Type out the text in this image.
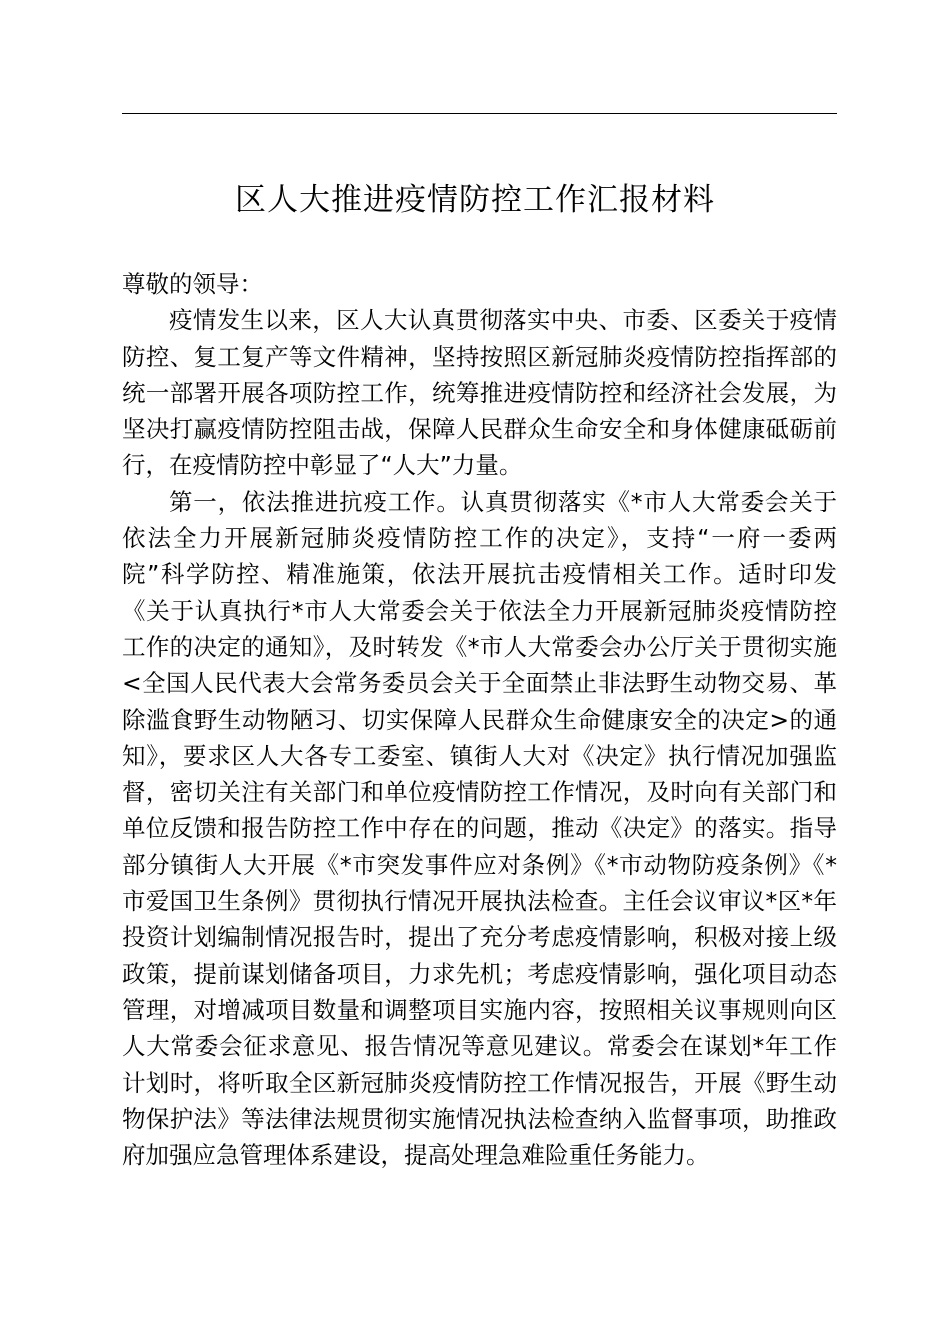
区人大推进疫情防控工作汇报材料

尊敬的领导：

疫情发生以来，区人大认真贯彻落实中央、市委、区委关于疫情防控、复工复产等文件精神，坚持按照区新冠肺炎疫情防控指挥部的统一部署开展各项防控工作，统筹推进疫情防控和经济社会发展，为坚决打赢疫情防控阻击战，保障人民群众生命安全和身体健康砥砺前行，在疫情防控中彰显了“人大”力量。

第一，依法推进抗疫工作。认真贯彻落实《*市人大常委会关于依法全力开展新冠肺炎疫情防控工作的决定》，支持“一府一委两院”科学防控、精准施策，依法开展抗击疫情相关工作。适时印发《关于认真执行*市人大常委会关于依法全力开展新冠肺炎疫情防控工作的决定的通知》，及时转发《*市人大常委会办公厅关于贯彻实施<全国人民代表大会常务委员会关于全面禁止非法野生动物交易、革除滥食野生动物陋习、切实保障人民群众生命健康安全的决定>的通知》，要求区人大各专工委室、镇街人大对《决定》执行情况加强监督，密切关注有关部门和单位疫情防控工作情况，及时向有关部门和单位反馈和报告防控工作中存在的问题，推动《决定》的落实。指导部分镇街人大开展《*市突发事件应对条例》《*市动物防疫条例》《*市爱国卫生条例》贯彻执行情况开展执法检查。主任会议审议*区*年投资计划编制情况报告时，提出了充分考虑疫情影响，积极对接上级政策，提前谋划储备项目，力求先机；考虑疫情影响，强化项目动态管理，对增减项目数量和调整项目实施内容，按照相关议事规则向区人大常委会征求意见、报告情况等意见建议。常委会在谋划*年工作计划时，将听取全区新冠肺炎疫情防控工作情况报告，开展《野生动物保护法》等法律法规贯彻实施情况执法检查纳入监督事项，助推政府加强应急管理体系建设，提高处理急难险重任务能力。
